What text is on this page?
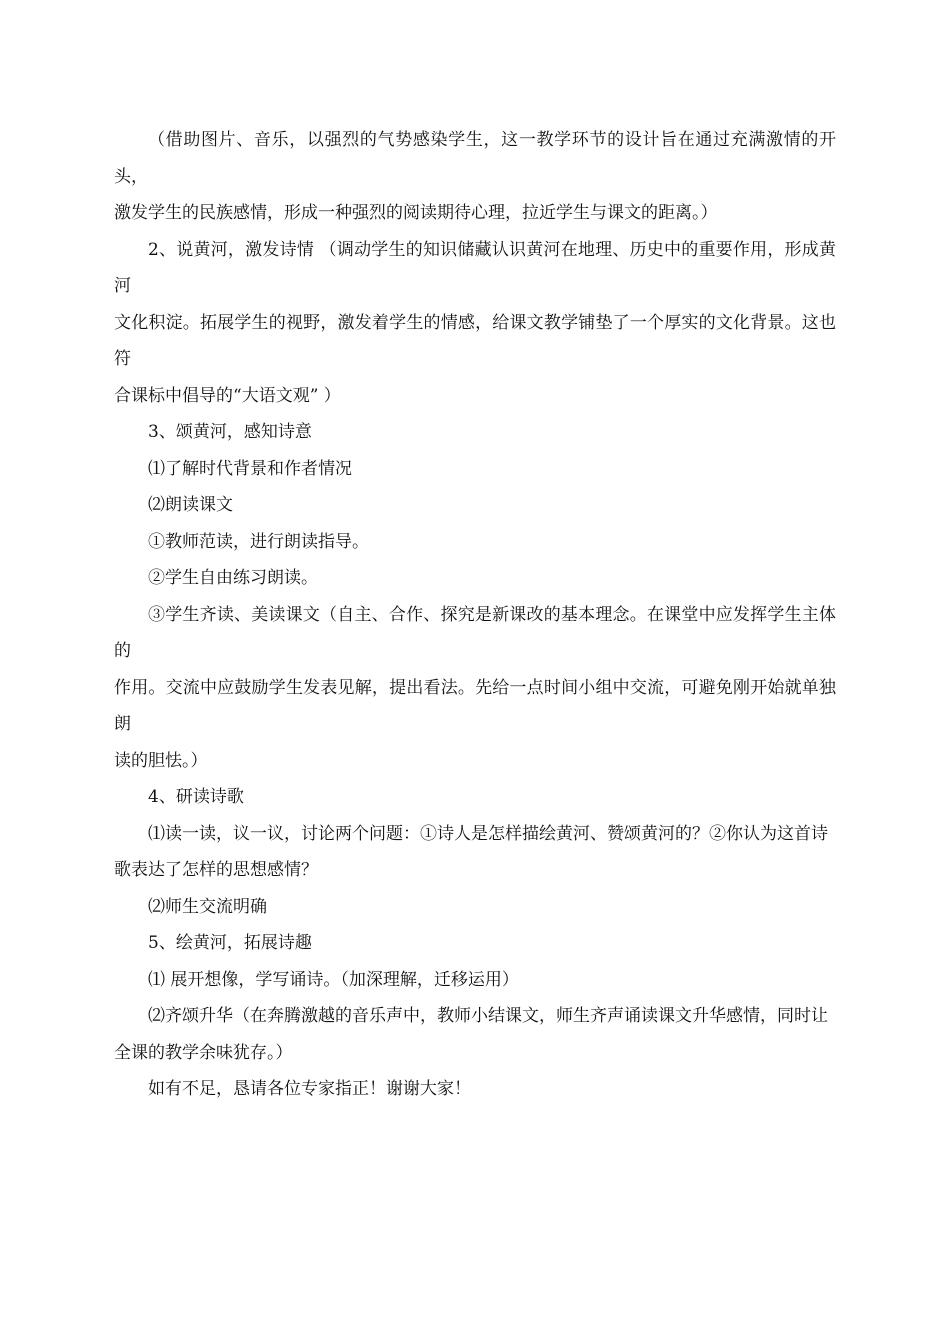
（借助图片、音乐，以强烈的气势感染学生，这一教学环节的设计旨在通过充满激情的开头，
激发学生的民族感情，形成一种强烈的阅读期待心理，拉近学生与课文的距离。）

2、说黄河，激发诗情 （调动学生的知识储藏认识黄河在地理、历史中的重要作用，形成黄河
文化积淀。拓展学生的视野，激发着学生的情感，给课文教学铺垫了一个厚实的文化背景。这也符
合课标中倡导的“大语文观” ）

3、颂黄河，感知诗意

⑴了解时代背景和作者情况

⑵朗读课文

①教师范读，进行朗读指导。

②学生自由练习朗读。

③学生齐读、美读课文（自主、合作、探究是新课改的基本理念。在课堂中应发挥学生主体的
作用。交流中应鼓励学生发表见解，提出看法。先给一点时间小组中交流，可避免刚开始就单独朗
读的胆怯。）

4、研读诗歌

⑴读一读，议一议，讨论两个问题：①诗人是怎样描绘黄河、赞颂黄河的？②你认为这首诗
歌表达了怎样的思想感情？

⑵师生交流明确

5、绘黄河，拓展诗趣

⑴ 展开想像，学写诵诗。（加深理解，迁移运用）

⑵齐颂升华（在奔腾激越的音乐声中，教师小结课文，师生齐声诵读课文升华感情，同时让
全课的教学余味犹存。）

如有不足，恳请各位专家指正！谢谢大家！
